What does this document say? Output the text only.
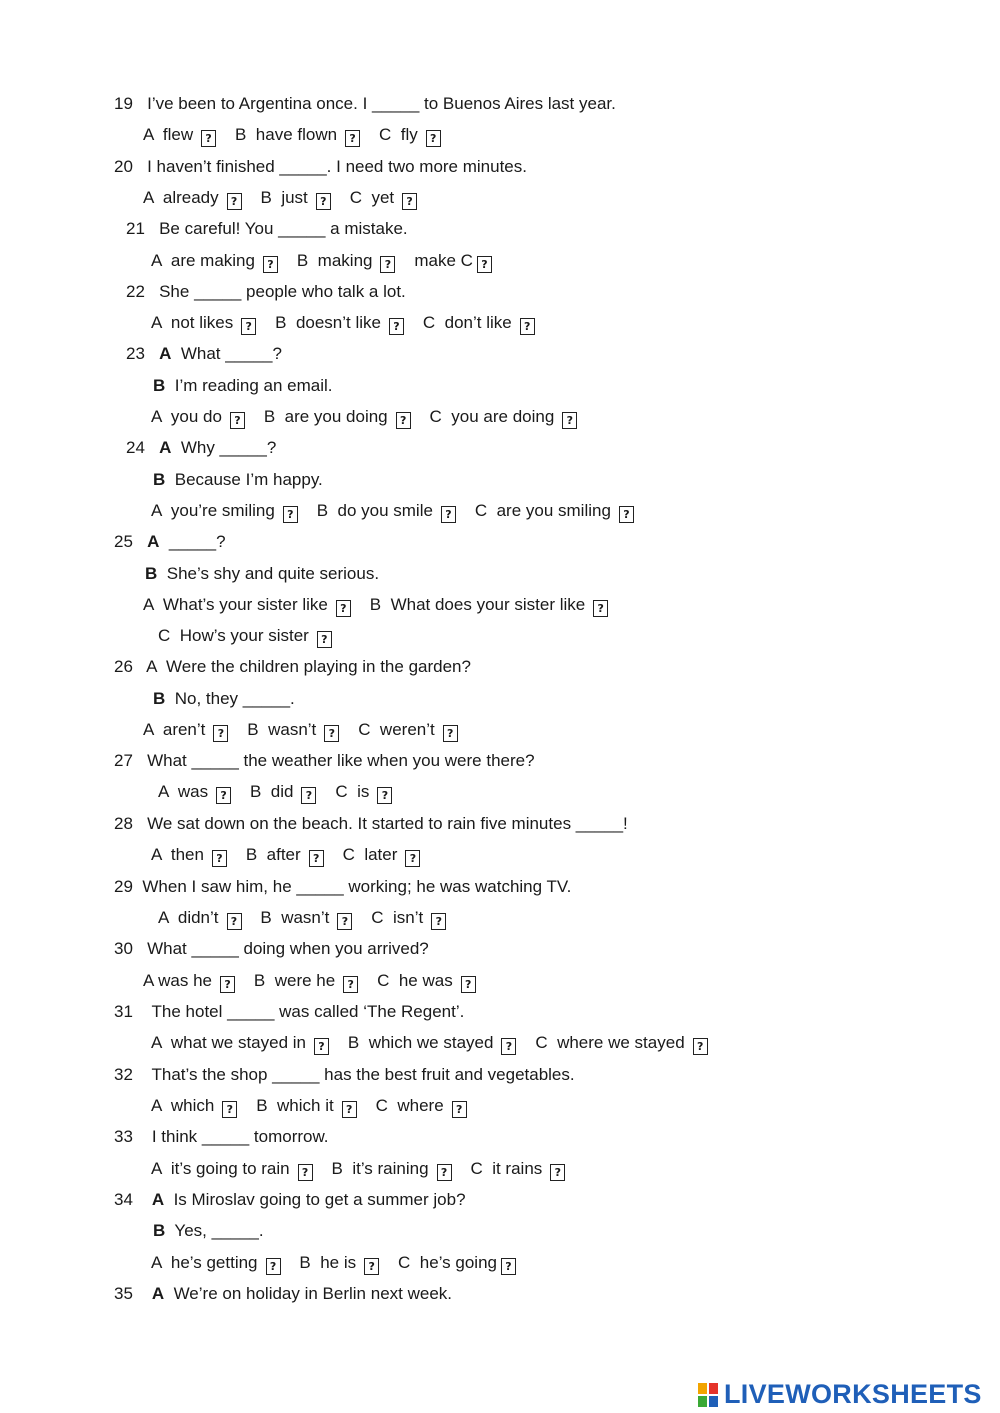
19 I’ve been to Argentina once. I _____ to Buenos Aires last year.
A flew ? B have flown ? C fly ?
20 I haven’t finished _____. I need two more minutes.
A already ? B just ? C yet ?
21 Be careful! You _____ a mistake.
A are making ? B making ? make C ?
22 She _____ people who talk a lot.
A not likes ? B doesn’t like ? C don’t like ?
23 A What _____?
B I’m reading an email.
A you do ? B are you doing ? C you are doing ?
24 A Why _____?
B Because I’m happy.
A you’re smiling ? B do you smile ? C are you smiling ?
25 A _____?
B She’s shy and quite serious.
A What’s your sister like ? B What does your sister like ?
C How’s your sister ?
26 A Were the children playing in the garden?
B No, they _____.
A aren’t ? B wasn’t ? C weren’t ?
27 What _____ the weather like when you were there?
A was ? B did ? C is ?
28 We sat down on the beach. It started to rain five minutes _____!
A then ? B after ? C later ?
29 When I saw him, he _____ working; he was watching TV.
A didn’t ? B wasn’t ? C isn’t ?
30 What _____ doing when you arrived?
A was he ? B were he ? C he was ?
31 The hotel _____ was called ‘The Regent’.
A what we stayed in ? B which we stayed ? C where we stayed ?
32 That’s the shop _____ has the best fruit and vegetables.
A which ? B which it ? C where ?
33 I think _____ tomorrow.
A it’s going to rain ? B it’s raining ? C it rains ?
34 A Is Miroslav going to get a summer job?
B Yes, _____.
A he’s getting ? B he is ? C he’s going ?
35 A We’re on holiday in Berlin next week.
LIVEWORKSHEETS
